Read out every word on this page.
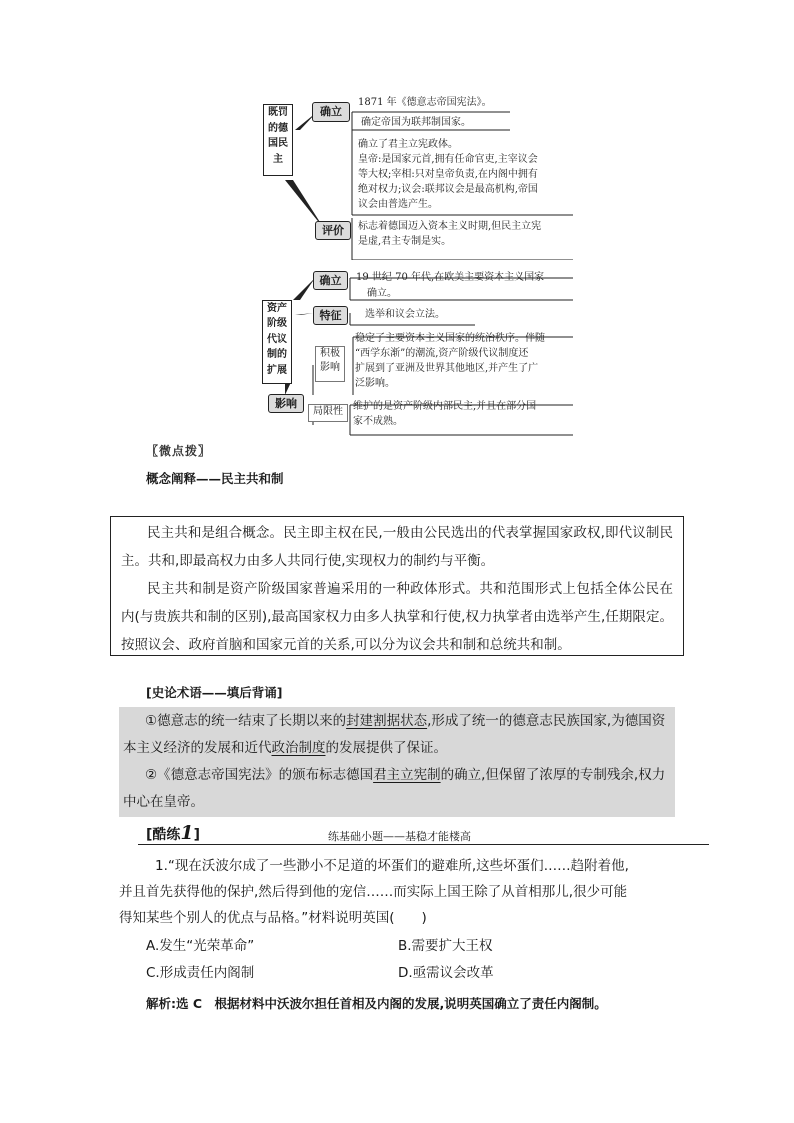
既罚
的德
国民
主
确立
1871 年《德意志帝国宪法》。
确定帝国为联邦制国家。
确立了君主立宪政体。
皇帝:是国家元首,拥有任命官吏,主宰议会
等大权;宰相:只对皇帝负责,在内阁中拥有
绝对权力;议会:联邦议会是最高机构,帝国
议会由普选产生。
评价	标志着德国迈入资本主义时期,但民主立宪
是虚,君主专制是实。
资产
阶级
代议
制的
扩展
确立	19 世纪 70 年代,在欧美主要资本主义国家
确立。
特征	选举和议会立法。
积极
影响
稳定了主要资本主义国家的统治秩序。伴随
“西学东渐”的潮流,资产阶级代议制度还
扩展到了亚洲及世界其他地区,并产生了广
泛影响。
影响
局限性	维护的是资产阶级内部民主,并且在部分国
家不成熟。
〖微点拨〗
概念阐释——民主共和制

民主共和是组合概念。民主即主权在民,一般由公民选出的代表掌握国家政权,即代议制民主。共和,即最高权力由多人共同行使,实现权力的制约与平衡。

民主共和制是资产阶级国家普遍采用的一种政体形式。共和范围形式上包括全体公民在内(与贵族共和制的区别),最高国家权力由多人执掌和行使,权力执掌者由选举产生,任期限定。按照议会、政府首脑和国家元首的关系,可以分为议会共和制和总统共和制。

[史论术语——填后背诵]

①德意志的统一结束了长期以来的封建割据状态,形成了统一的德意志民族国家,为德国资本主义经济的发展和近代政治制度的发展提供了保证。

②《德意志帝国宪法》的颁布标志德国君主立宪制的确立,但保留了浓厚的专制残余,权力中心在皇帝。

[酷练1]	练基础小题——基稳才能楼高
1.“现在沃波尔成了一些渺小不足道的坏蛋们的避难所,这些坏蛋们……趋附着他,
并且首先获得他的保护,然后得到他的宠信……而实际上国王除了从首相那儿,很少可能
得知某些个别人的优点与品格。”材料说明英国(　　)
A.发生“光荣革命”	B.需要扩大王权
C.形成责任内阁制	D.亟需议会改革
解析:选 C　根据材料中沃波尔担任首相及内阁的发展,说明英国确立了责任内阁制。
